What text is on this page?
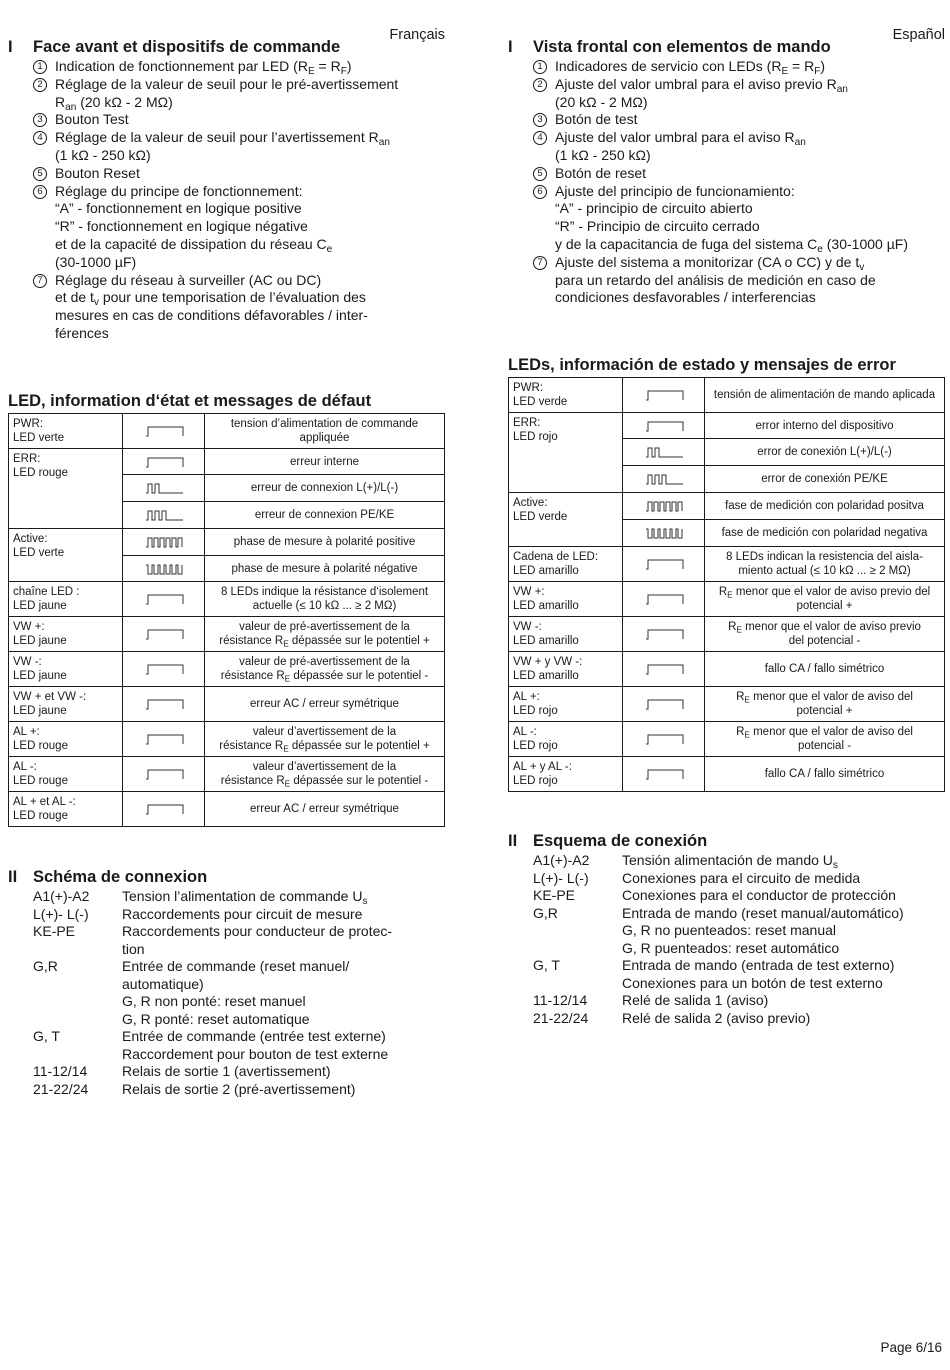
Français
I Face avant et dispositifs de commande
1 Indication de fonctionnement par LED $(R_E = R_F)$
2 Réglage de la valeur de seuil pour le pré-avertissement
$R_{an}$ (20 kΩ - 2 MΩ)
3 Bouton Test
4 Réglage de la valeur de seuil pour l’avertissement $R_{an}$
(1 kΩ - 250 kΩ)
5 Bouton Reset
6 Réglage du principe de fonctionnement:
“A” - fonctionnement en logique positive
“R” - fonctionnement en logique négative
et de la capacité de dissipation du réseau $C_e$
(30-1000 µF)
7 Réglage du réseau à surveiller (AC ou DC)
et de $t_v$ pour une temporisation de l’évaluation des
mesures en cas de conditions défavorables / inter-
férences
LED, information d‘état et messages de défaut
PWR:
LED verte		tension d’alimentation de commande
appliquée
ERR:
LED rouge		erreur interne

	erreur de connexion L(+)/L(-)

	erreur de connexion PE/KE
Active:
LED verte		phase de mesure à polarité positive

	phase de mesure à polarité négative
chaîne LED :
LED jaune		8 LEDs indique la résistance d‘isolement
actuelle (≤ 10 kΩ ... ≥ 2 MΩ)
VW +:
LED jaune		valeur de pré-avertissement de la
résistance $R_E$ dépassée sur le potentiel +
VW -:
LED jaune		valeur de pré-avertissement de la
résistance $R_E$ dépassée sur le potentiel -
VW + et VW -:
LED jaune		erreur AC / erreur symétrique
AL +:
LED rouge		valeur d’avertissement de la
résistance $R_E$ dépassée sur le potentiel +
AL -:
LED rouge		valeur d’avertissement de la
résistance $R_E$ dépassée sur le potentiel -
AL + et AL -:
LED rouge		erreur AC / erreur symétrique
II Schéma de connexion
A1(+)-A2	Tension l’alimentation de commande $U_s$
L(+)- L(-)	Raccordements pour circuit de mesure
KE-PE	Raccordements pour conducteur de protec-
tion
G,R	Entrée de commande (reset manuel/
automatique)
G, R non ponté: reset manuel
G, R ponté: reset automatique
G, T	Entrée de commande (entrée test externe)
Raccordement pour bouton de test externe
11-12/14	Relais de sortie 1 (avertissement)
21-22/24	Relais de sortie 2 (pré-avertissement)
Español
I Vista frontal con elementos de mando
1 Indicadores de servicio con LEDs $(R_E = R_F)$
2 Ajuste del valor umbral para el aviso previo $R_{an}$
(20 kΩ - 2 MΩ)
3 Botón de test
4 Ajuste del valor umbral para el aviso $R_{an}$
(1 kΩ - 250 kΩ)
5 Botón de reset
6 Ajuste del principio de funcionamiento:
“A” - principio de circuito abierto
“R” - Principio de circuito cerrado
y de la capacitancia de fuga del sistema $C_e$ (30-1000 µF)
7 Ajuste del sistema a monitorizar (CA o CC) y de $t_v$
para un retardo del análisis de medición en caso de
condiciones desfavorables / interferencias
LEDs, información de estado y mensajes de error
PWR:
LED verde		tensión de alimentación de mando aplicada
ERR:
LED rojo		error interno del dispositivo

	error de conexión L(+)/L(-)

	error de conexión PE/KE
Active:
LED verde		fase de medición con polaridad positva

	fase de medición con polaridad negativa
Cadena de LED:
LED amarillo		8 LEDs indican la resistencia del aisla-
miento actual (≤ 10 kΩ ... ≥ 2 MΩ)
VW +:
LED amarillo		$R_E$ menor que el valor de aviso previo del
potencial +
VW -:
LED amarillo		$R_E$ menor que el valor de aviso previo
del potencial -
VW + y VW -:
LED amarillo		fallo CA / fallo simétrico
AL +:
LED rojo		$R_E$ menor que el valor de aviso del
potencial +
AL -:
LED rojo		$R_E$ menor que el valor de aviso del
potencial -
AL + y AL -:
LED rojo		fallo CA / fallo simétrico
II Esquema de conexión
A1(+)-A2	Tensión alimentación de mando $U_s$
L(+)- L(-)	Conexiones para el circuito de medida
KE-PE	Conexiones para el conductor de protección
G,R	Entrada de mando (reset manual/automático)
G, R no puenteados: reset manual
G, R puenteados: reset automático
G, T	Entrada de mando (entrada de test externo)
Conexiones para un botón de test externo
11-12/14	Relé de salida 1 (aviso)
21-22/24	Relé de salida 2 (aviso previo)
Page 6/16
